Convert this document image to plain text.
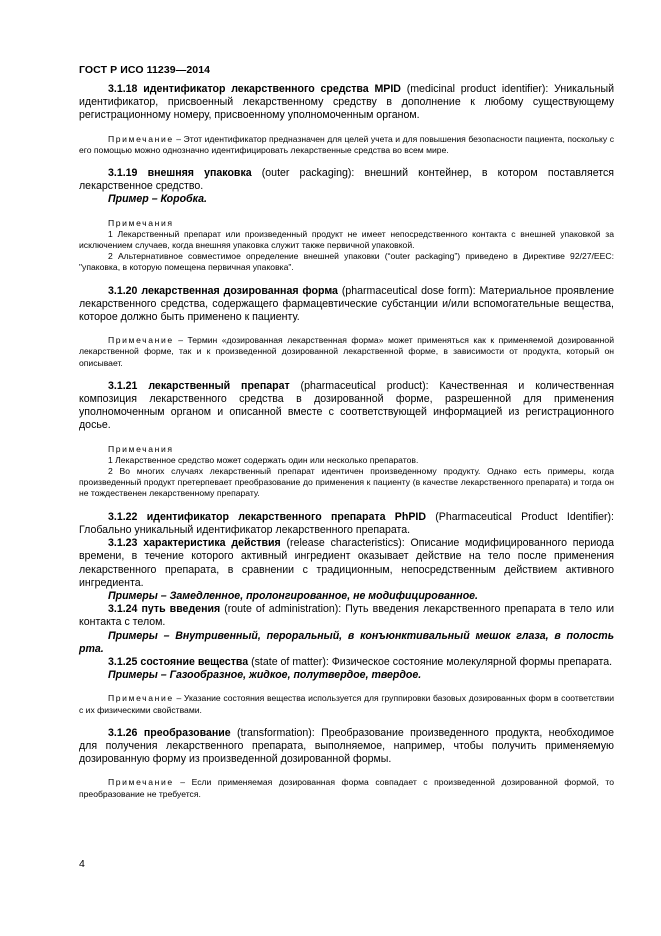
ГОСТ Р ИСО 11239—2014

3.1.18 идентификатор лекарственного средства MPID (medicinal product identifier): Уникальный идентификатор, присвоенный лекарственному средству в дополнение к любому существующему регистрационному номеру, присвоенному уполномоченным органом.

Примечание – Этот идентификатор предназначен для целей учета и для повышения безопасности пациента, поскольку с его помощью можно однозначно идентифицировать лекарственные средства во всем мире.

3.1.19 внешняя упаковка (outer packaging): внешний контейнер, в котором поставляется лекарственное средство.

Пример – Коробка.

Примечания

1 Лекарственный препарат или произведенный продукт не имеет непосредственного контакта с внешней упаковкой за исключением случаев, когда внешняя упаковка служит также первичной упаковкой.

2 Альтернативное совместимое определение внешней упаковки (“outer packaging”) приведено в Директиве 92/27/EEC: "упаковка, в которую помещена первичная упаковка".

3.1.20 лекарственная дозированная форма (pharmaceutical dose form): Материальное проявление лекарственного средства, содержащего фармацевтические субстанции и/или вспомогательные вещества, которое должно быть применено к пациенту.

Примечание – Термин «дозированная лекарственная форма» может применяться как к применяемой дозированной лекарственной форме, так и к произведенной дозированной лекарственной форме, в зависимости от продукта, который он описывает.

3.1.21 лекарственный препарат (pharmaceutical product): Качественная и количественная композиция лекарственного средства в дозированной форме, разрешенной для применения уполномоченным органом и описанной вместе с соответствующей информацией из регистрационного досье.

Примечания

1 Лекарственное средство может содержать один или несколько препаратов.

2 Во многих случаях лекарственный препарат идентичен произведенному продукту. Однако есть примеры, когда произведенный продукт претерпевает преобразование до применения к пациенту (в качестве лекарственного препарата) и тогда он не тождественен лекарственному препарату.

3.1.22 идентификатор лекарственного препарата PhPID (Pharmaceutical Product Identifier): Глобально уникальный идентификатор лекарственного препарата.

3.1.23 характеристика действия (release characteristics): Описание модифицированного периода времени, в течение которого активный ингредиент оказывает действие на тело после применения лекарственного препарата, в сравнении с традиционным, непосредственным действием активного ингредиента.

Примеры – Замедленное, пролонгированное, не модифицированное.

3.1.24 путь введения (route of administration): Путь введения лекарственного препарата в тело или контакта с телом.

Примеры – Внутривенный, пероральный, в конъюнктивальный мешок глаза, в полость рта.

3.1.25 состояние вещества (state of matter): Физическое состояние молекулярной формы препарата.

Примеры – Газообразное, жидкое, полутвердое, твердое.

Примечание – Указание состояния вещества используется для группировки базовых дозированных форм в соответствии с их физическими свойствами.

3.1.26 преобразование (transformation): Преобразование произведенного продукта, необходимое для получения лекарственного препарата, выполняемое, например, чтобы получить применяемую дозированную форму из произведенной дозированной формы.

Примечание – Если применяемая дозированная форма совпадает с произведенной дозированной формой, то преобразование не требуется.

4
